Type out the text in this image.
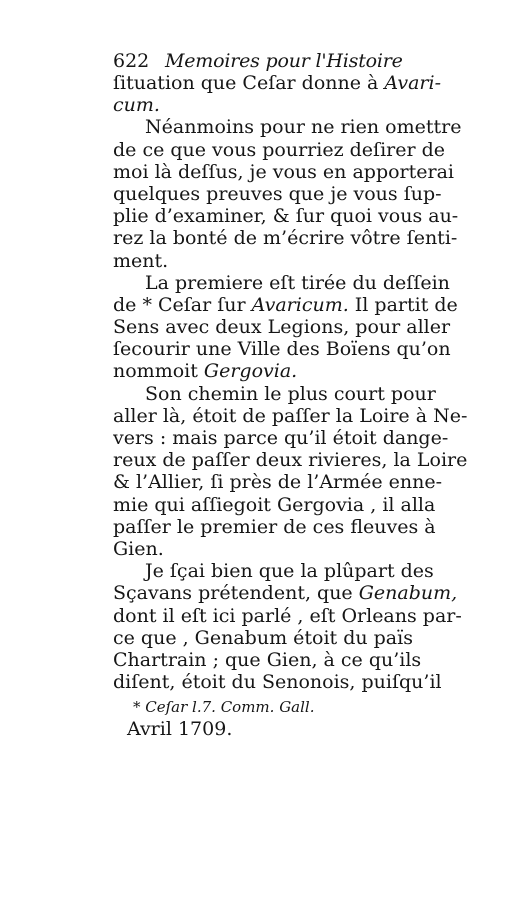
622 Memoires pour l'Histoire
ſituation que Ceſar donne à Avari-
cum.
Néanmoins pour ne rien omettre
de ce que vous pourriez deſirer de
moi là deſſus, je vous en apporterai
quelques preuves que je vous ſup-
plie d’examiner, & ſur quoi vous au-
rez la bonté de m’écrire vôtre ſenti-
ment.
La premiere eſt tirée du deſſein
de * Ceſar ſur Avaricum. Il partit de
Sens avec deux Legions, pour aller
ſecourir une Ville des Boïens qu’on
nommoit Gergovia.
Son chemin le plus court pour
aller là, étoit de paſſer la Loire à Ne-
vers : mais parce qu’il étoit dange-
reux de paſſer deux rivieres, la Loire
& l’Allier, ſi près de l’Armée enne-
mie qui aſſiegoit Gergovia , il alla
paſſer le premier de ces fleuves à
Gien.
Je ſçai bien que la plûpart des
Sçavans prétendent, que Genabum,
dont il eſt ici parlé , eſt Orleans par-
ce que , Genabum étoit du païs
Chartrain ; que Gien, à ce qu’ils
diſent, étoit du Senonois, puiſqu’il
* Ceſar l.7. Comm. Gall.
Avril 1709.
